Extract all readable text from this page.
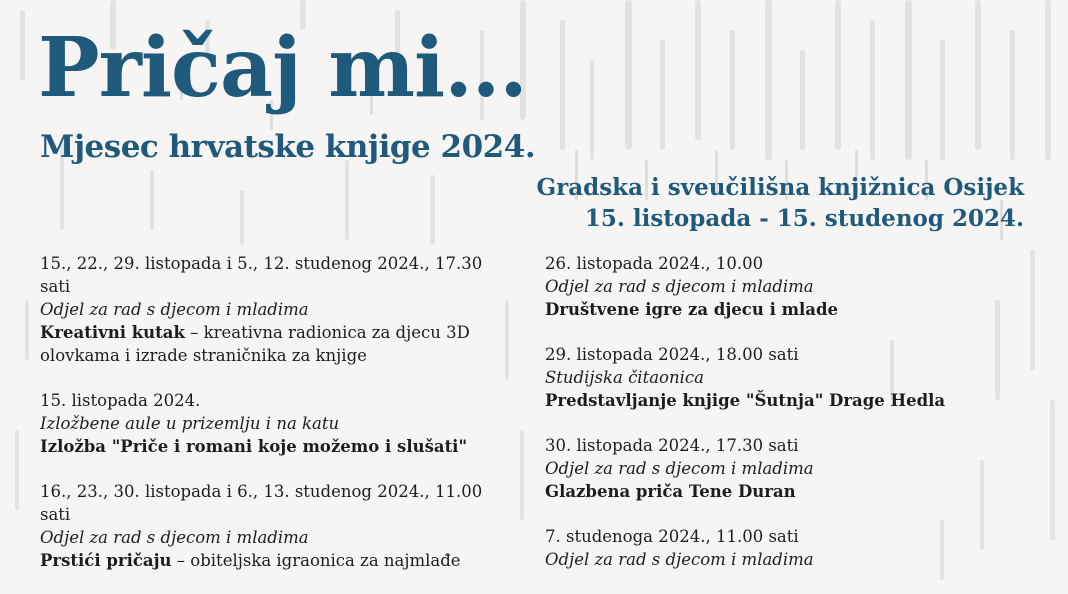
Pričaj mi...
Mjesec hrvatske knjige 2024.
Gradska i sveučilišna knjižnica Osijek
15. listopada - 15. studenog 2024.
15., 22., 29. listopada i 5., 12. studenog 2024., 17.30 sati
Odjel za rad s djecom i mladima
Kreativni kutak – kreativna radionica za djecu 3D olovkama i izrade straničnika za knjige
15. listopada 2024.
Izložbene aule u prizemlju i na katu
Izložba "Priče i romani koje možemo i slušati"
16., 23., 30. listopada i 6., 13. studenog 2024., 11.00 sati
Odjel za rad s djecom i mladima
Prstići pričaju – obiteljska igraonica za najmlađe
26. listopada 2024., 10.00
Odjel za rad s djecom i mladima
Društvene igre za djecu i mlade
29. listopada 2024., 18.00 sati
Studijska čitaonica
Predstavljanje knjige "Šutnja" Drage Hedla
30. listopada 2024., 17.30 sati
Odjel za rad s djecom i mladima
Glazbena priča Tene Duran
7. studenoga 2024., 11.00 sati
Odjel za rad s djecom i mladima
